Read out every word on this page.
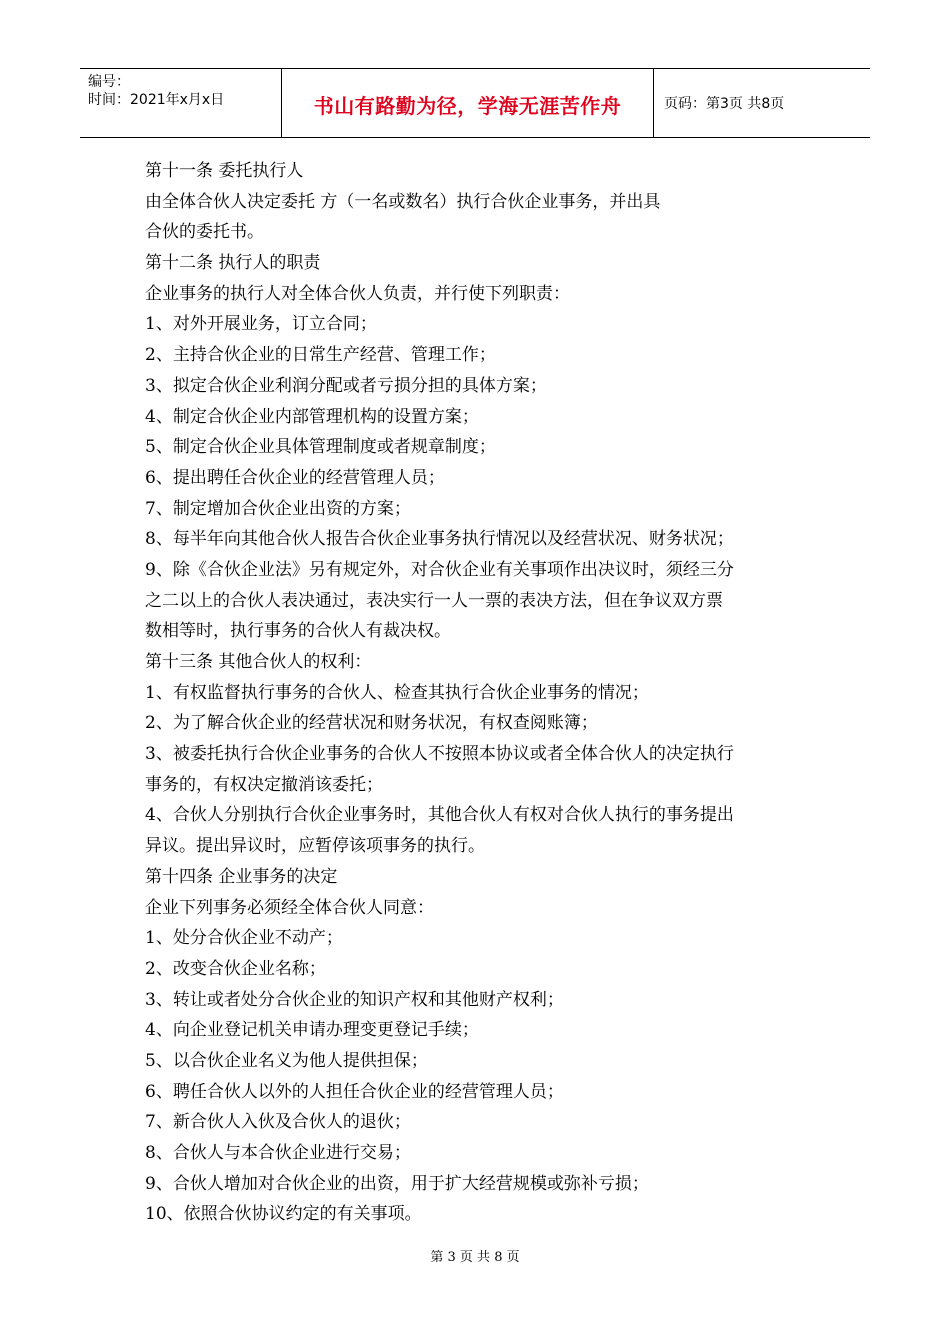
编号：
时间：2021年x月x日	书山有路勤为径，学海无涯苦作舟	页码：第3页 共8页
第十一条 委托执行人
由全体合伙人决定委托 方（一名或数名）执行合伙企业事务，并出具
合伙的委托书。
第十二条 执行人的职责
企业事务的执行人对全体合伙人负责，并行使下列职责：
1、对外开展业务，订立合同；
2、主持合伙企业的日常生产经营、管理工作；
3、拟定合伙企业利润分配或者亏损分担的具体方案；
4、制定合伙企业内部管理机构的设置方案；
5、制定合伙企业具体管理制度或者规章制度；
6、提出聘任合伙企业的经营管理人员；
7、制定增加合伙企业出资的方案；
8、每半年向其他合伙人报告合伙企业事务执行情况以及经营状况、财务状况；
9、除《合伙企业法》另有规定外，对合伙企业有关事项作出决议时，须经三分
之二以上的合伙人表决通过，表决实行一人一票的表决方法，但在争议双方票
数相等时，执行事务的合伙人有裁决权。
第十三条 其他合伙人的权利：
1、有权监督执行事务的合伙人、检查其执行合伙企业事务的情况；
2、为了解合伙企业的经营状况和财务状况，有权查阅账簿；
3、被委托执行合伙企业事务的合伙人不按照本协议或者全体合伙人的决定执行
事务的，有权决定撤消该委托；
4、合伙人分别执行合伙企业事务时，其他合伙人有权对合伙人执行的事务提出
异议。提出异议时，应暂停该项事务的执行。
第十四条 企业事务的决定
企业下列事务必须经全体合伙人同意：
1、处分合伙企业不动产；
2、改变合伙企业名称；
3、转让或者处分合伙企业的知识产权和其他财产权利；
4、向企业登记机关申请办理变更登记手续；
5、以合伙企业名义为他人提供担保；
6、聘任合伙人以外的人担任合伙企业的经营管理人员；
7、新合伙人入伙及合伙人的退伙；
8、合伙人与本合伙企业进行交易；
9、合伙人增加对合伙企业的出资，用于扩大经营规模或弥补亏损；
10、依照合伙协议约定的有关事项。
第 3 页 共 8 页
